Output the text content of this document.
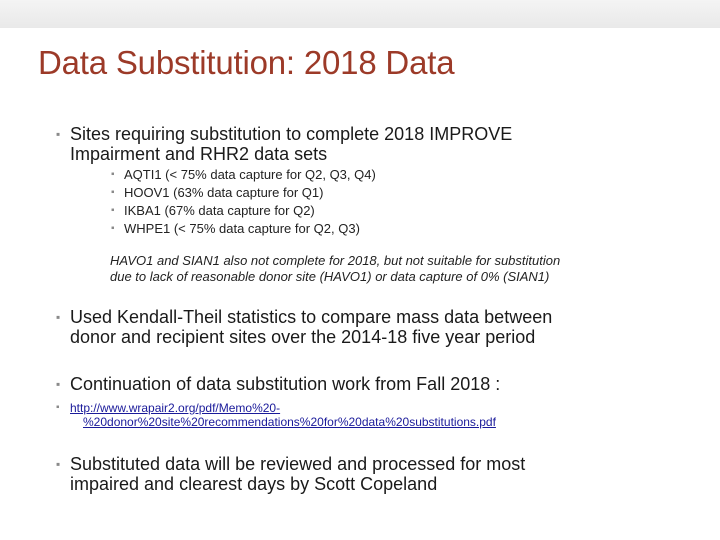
Data Substitution: 2018 Data
▪ Sites requiring substitution to complete 2018 IMPROVE
Impairment and RHR2 data sets
▪ AQTI1 (< 75% data capture for Q2, Q3, Q4)
▪ HOOV1 (63% data capture for Q1)
▪ IKBA1 (67% data capture for Q2)
▪ WHPE1 (< 75% data capture for Q2, Q3)
HAVO1 and SIAN1 also not complete for 2018, but not suitable for substitution
due to lack of reasonable donor site (HAVO1) or data capture of 0% (SIAN1)
▪ Used Kendall-Theil statistics to compare mass data between
donor and recipient sites over the 2014-18 five year period
▪ Continuation of data substitution work from Fall 2018 :
▪ http://www.wrapair2.org/pdf/Memo%20-
%20donor%20site%20recommendations%20for%20data%20substitutions.pdf
▪ Substituted data will be reviewed and processed for most
impaired and clearest days by Scott Copeland
